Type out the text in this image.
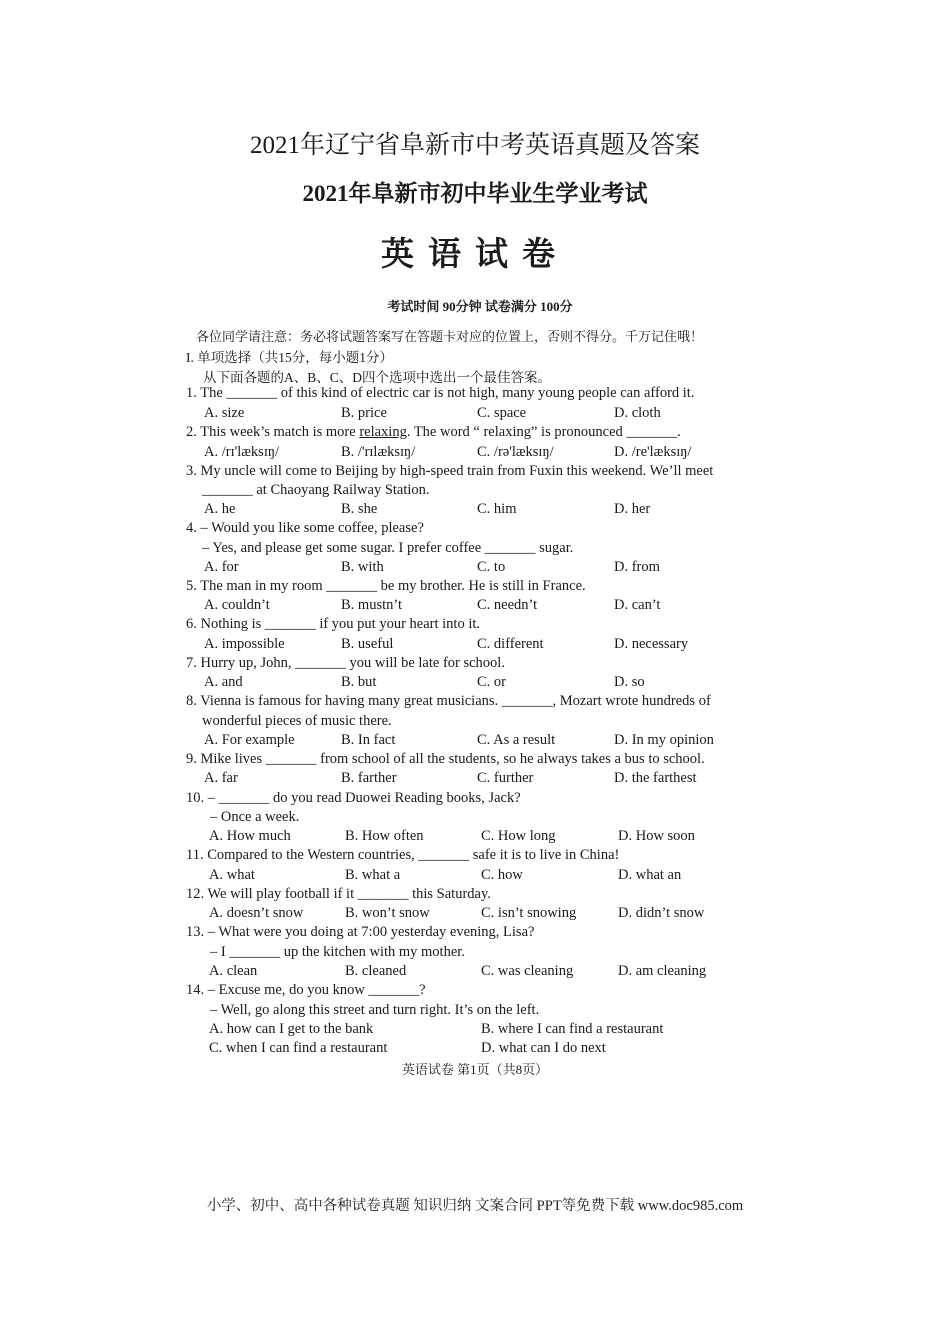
2021年辽宁省阜新市中考英语真题及答案
2021年阜新市初中毕业生学业考试
英语试卷
考试时间 90分钟 试卷满分 100分
各位同学请注意：务必将试题答案写在答题卡对应的位置上，否则不得分。千万记住哦！
I. 单项选择（共15分，每小题1分）
从下面各题的A、B、C、D四个选项中选出一个最佳答案。
1. The _______ of this kind of electric car is not high, many young people can afford it.
A. size	B. price	C. space	D. cloth
2. This week’s match is more relaxing. The word “ relaxing” is pronounced _______.
A. /rɪ'læksɪŋ/	B. /'rɪlæksɪŋ/	C. /rə'læksɪŋ/	D. /re'læksɪŋ/
3. My uncle will come to Beijing by high-speed train from Fuxin this weekend. We’ll meet
_______ at Chaoyang Railway Station.
A. he	B. she	C. him	D. her
4. – Would you like some coffee, please?
– Yes, and please get some sugar. I prefer coffee _______ sugar.
A. for	B. with	C. to	D. from
5. The man in my room _______ be my brother. He is still in France.
A. couldn’t	B. mustn’t	C. needn’t	D. can’t
6. Nothing is _______ if you put your heart into it.
A. impossible	B. useful	C. different	D. necessary
7. Hurry up, John, _______ you will be late for school.
A. and	B. but	C. or	D. so
8. Vienna is famous for having many great musicians. _______, Mozart wrote hundreds of
wonderful pieces of music there.
A. For example	B. In fact	C. As a result	D. In my opinion
9. Mike lives _______ from school of all the students, so he always takes a bus to school.
A. far	B. farther	C. further	D. the farthest
10. – _______ do you read Duowei Reading books, Jack?
– Once a week.
A. How much	B. How often	C. How long	D. How soon
11. Compared to the Western countries, _______ safe it is to live in China!
A. what	B. what a	C. how	D. what an
12. We will play football if it _______ this Saturday.
A. doesn’t snow	B. won’t snow	C. isn’t snowing	D. didn’t snow
13. – What were you doing at 7:00 yesterday evening, Lisa?
– I _______ up the kitchen with my mother.
A. clean	B. cleaned	C. was cleaning	D. am cleaning
14. – Excuse me, do you know _______?
– Well, go along this street and turn right. It’s on the left.
A. how can I get to the bank	B. where I can find a restaurant
C. when I can find a restaurant	D. what can I do next
英语试卷 第1页（共8页）
小学、初中、高中各种试卷真题 知识归纳 文案合同 PPT等免费下载 www.doc985.com
